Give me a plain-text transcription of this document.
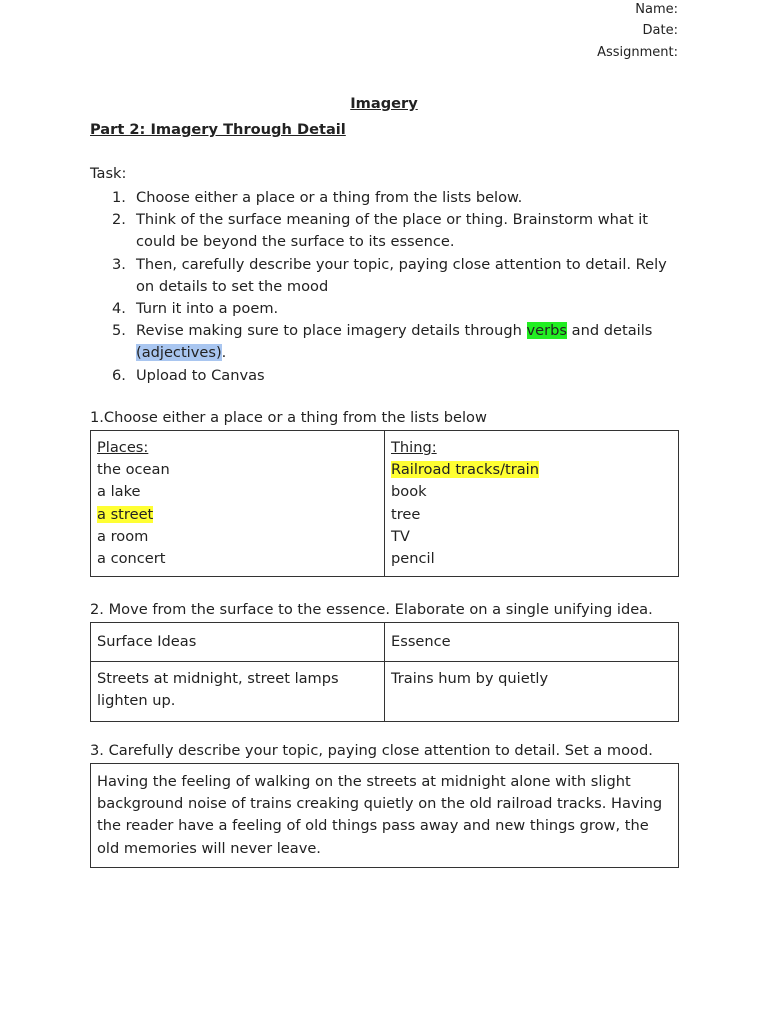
Name:
Date:
Assignment:
Imagery
Part 2: Imagery Through Detail
Task:
1. Choose either a place or a thing from the lists below.
2. Think of the surface meaning of the place or thing. Brainstorm what it could be beyond the surface to its essence.
3. Then, carefully describe your topic, paying close attention to detail. Rely on details to set the mood
4. Turn it into a poem.
5. Revise making sure to place imagery details through verbs and details (adjectives).
6. Upload to Canvas
1.Choose either a place or a thing from the lists below
Places:
the ocean
a lake
a street
a room
a concert

Thing:
Railroad tracks/train
book
tree
TV
pencil
2. Move from the surface to the essence. Elaborate on a single unifying idea.
Surface Ideas	Essence
Streets at midnight, street lamps lighten up.	Trains hum by quietly
3. Carefully describe your topic, paying close attention to detail. Set a mood.
Having the feeling of walking on the streets at midnight alone with slight background noise of trains creaking quietly on the old railroad tracks. Having the reader have a feeling of old things pass away and new things grow, the old memories will never leave.
